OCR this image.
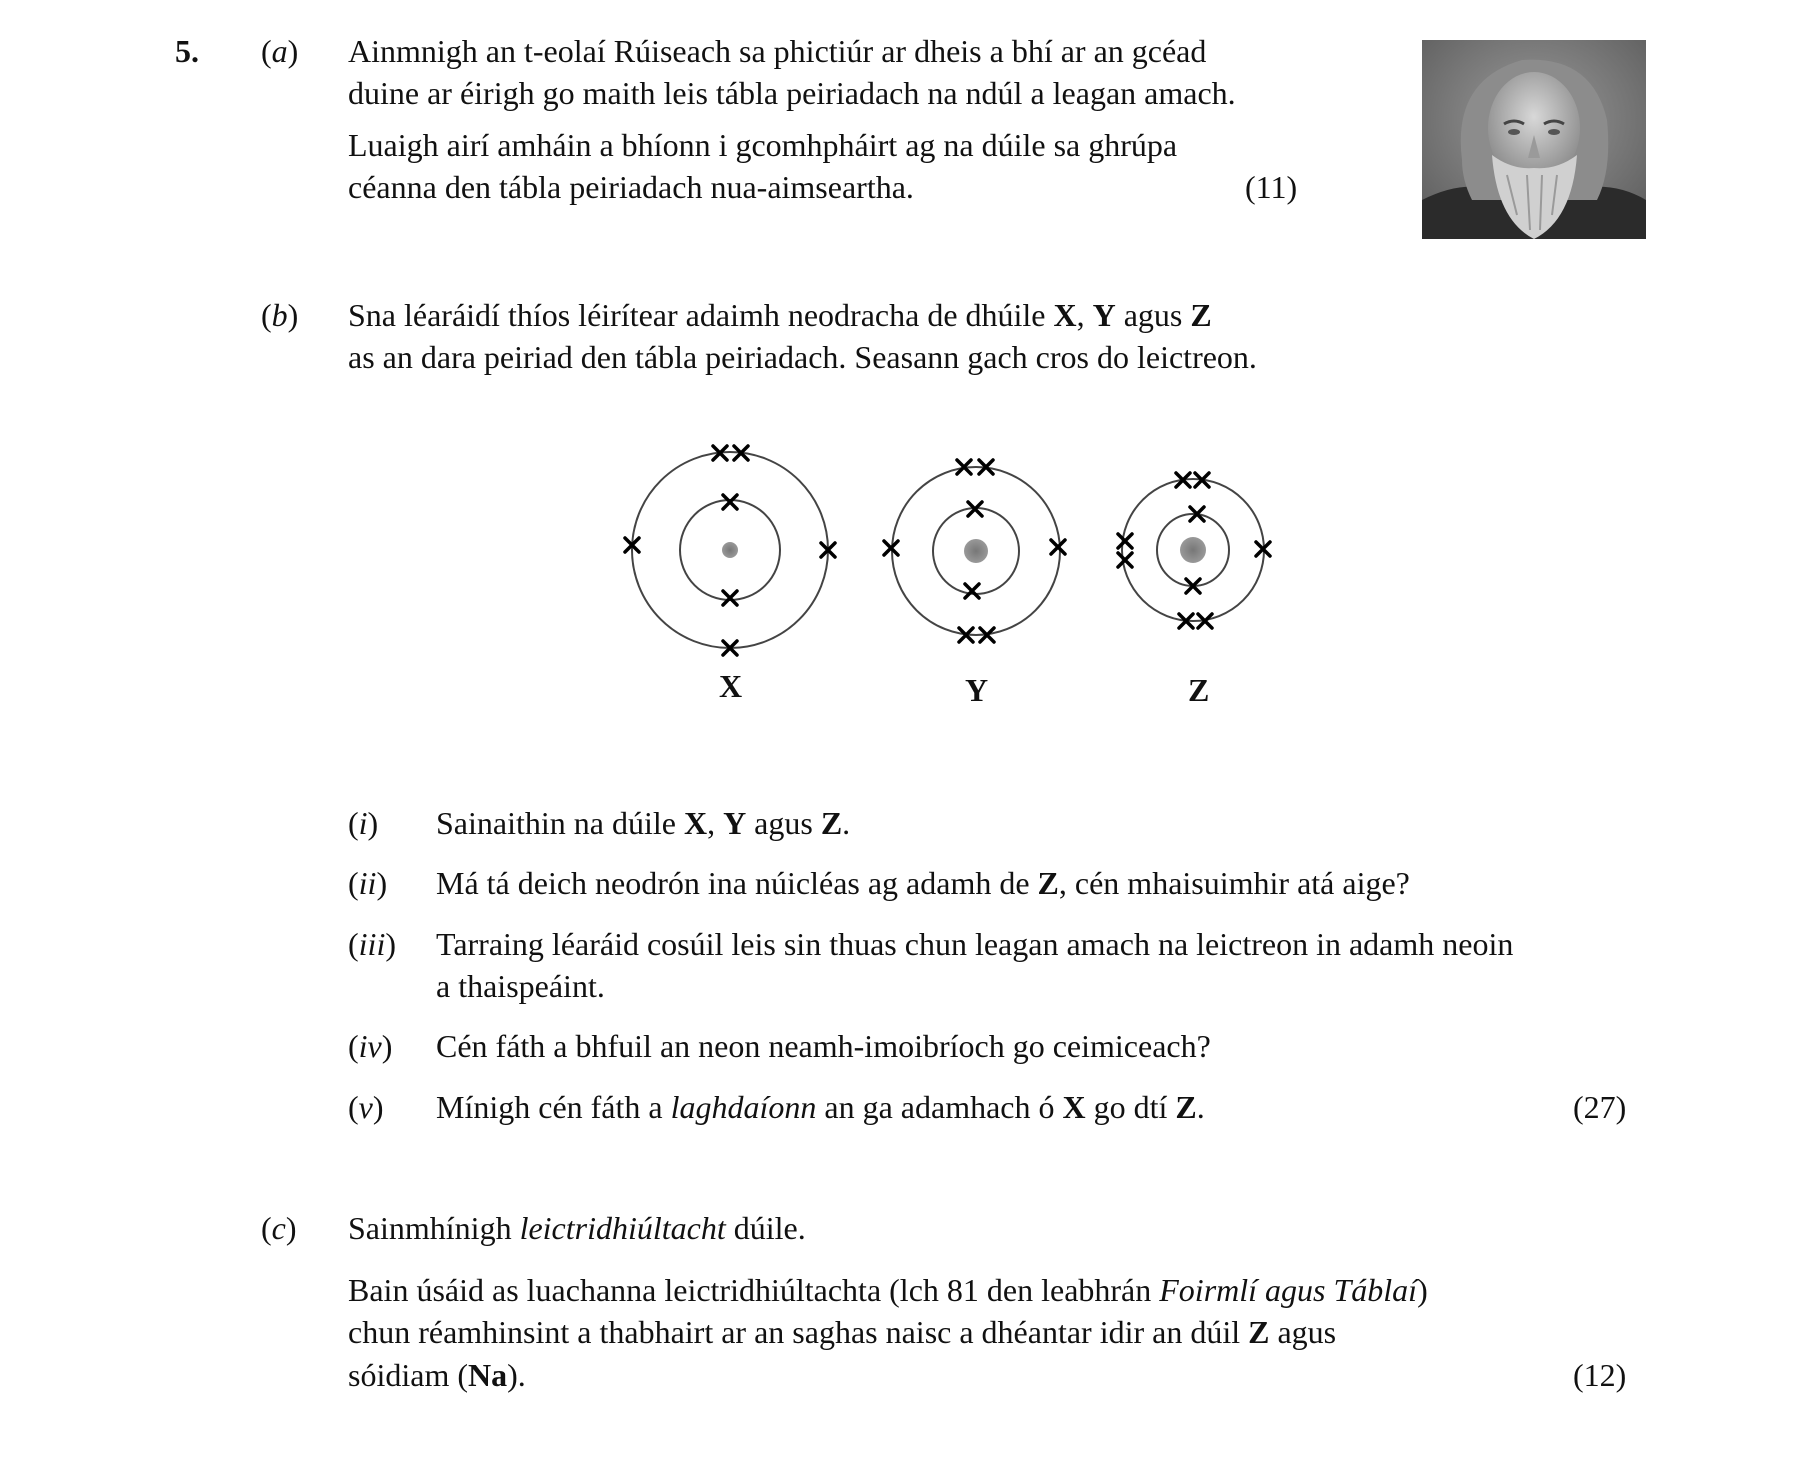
5. (a) Ainmnigh an t-eolaí Rúiseach sa phictiúr ar dheis a bhí ar an gcéad
duine ar éirigh go maith leis tábla peiriadach na ndúl a leagan amach.
Luaigh airí amháin a bhíonn i gcomhpháirt ag na dúile sa ghrúpa
céanna den tábla peiriadach nua-aimseartha.	(11)
(b) Sna léaráidí thíos léirítear adaimh neodracha de dhúile X, Y agus Z
as an dara peiriad den tábla peiriadach. Seasann gach cros do leictreon.
X	Y	Z
(i) Sainaithin na dúile X, Y agus Z.
(ii) Má tá deich neodrón ina núicléas ag adamh de Z, cén mhaisuimhir atá aige?
(iii) Tarraing léaráid cosúil leis sin thuas chun leagan amach na leictreon in adamh neoin
a thaispeáint.
(iv) Cén fáth a bhfuil an neon neamh-imoibríoch go ceimiceach?
(v) Mínigh cén fáth a laghdaíonn an ga adamhach ó X go dtí Z.	(27)
(c) Sainmhínigh leictridhiúltacht dúile.
Bain úsáid as luachanna leictridhiúltachta (lch 81 den leabhrán Foirmlí agus Táblaí)
chun réamhinsint a thabhairt ar an saghas naisc a dhéantar idir an dúil Z agus
sóidiam (Na).	(12)
